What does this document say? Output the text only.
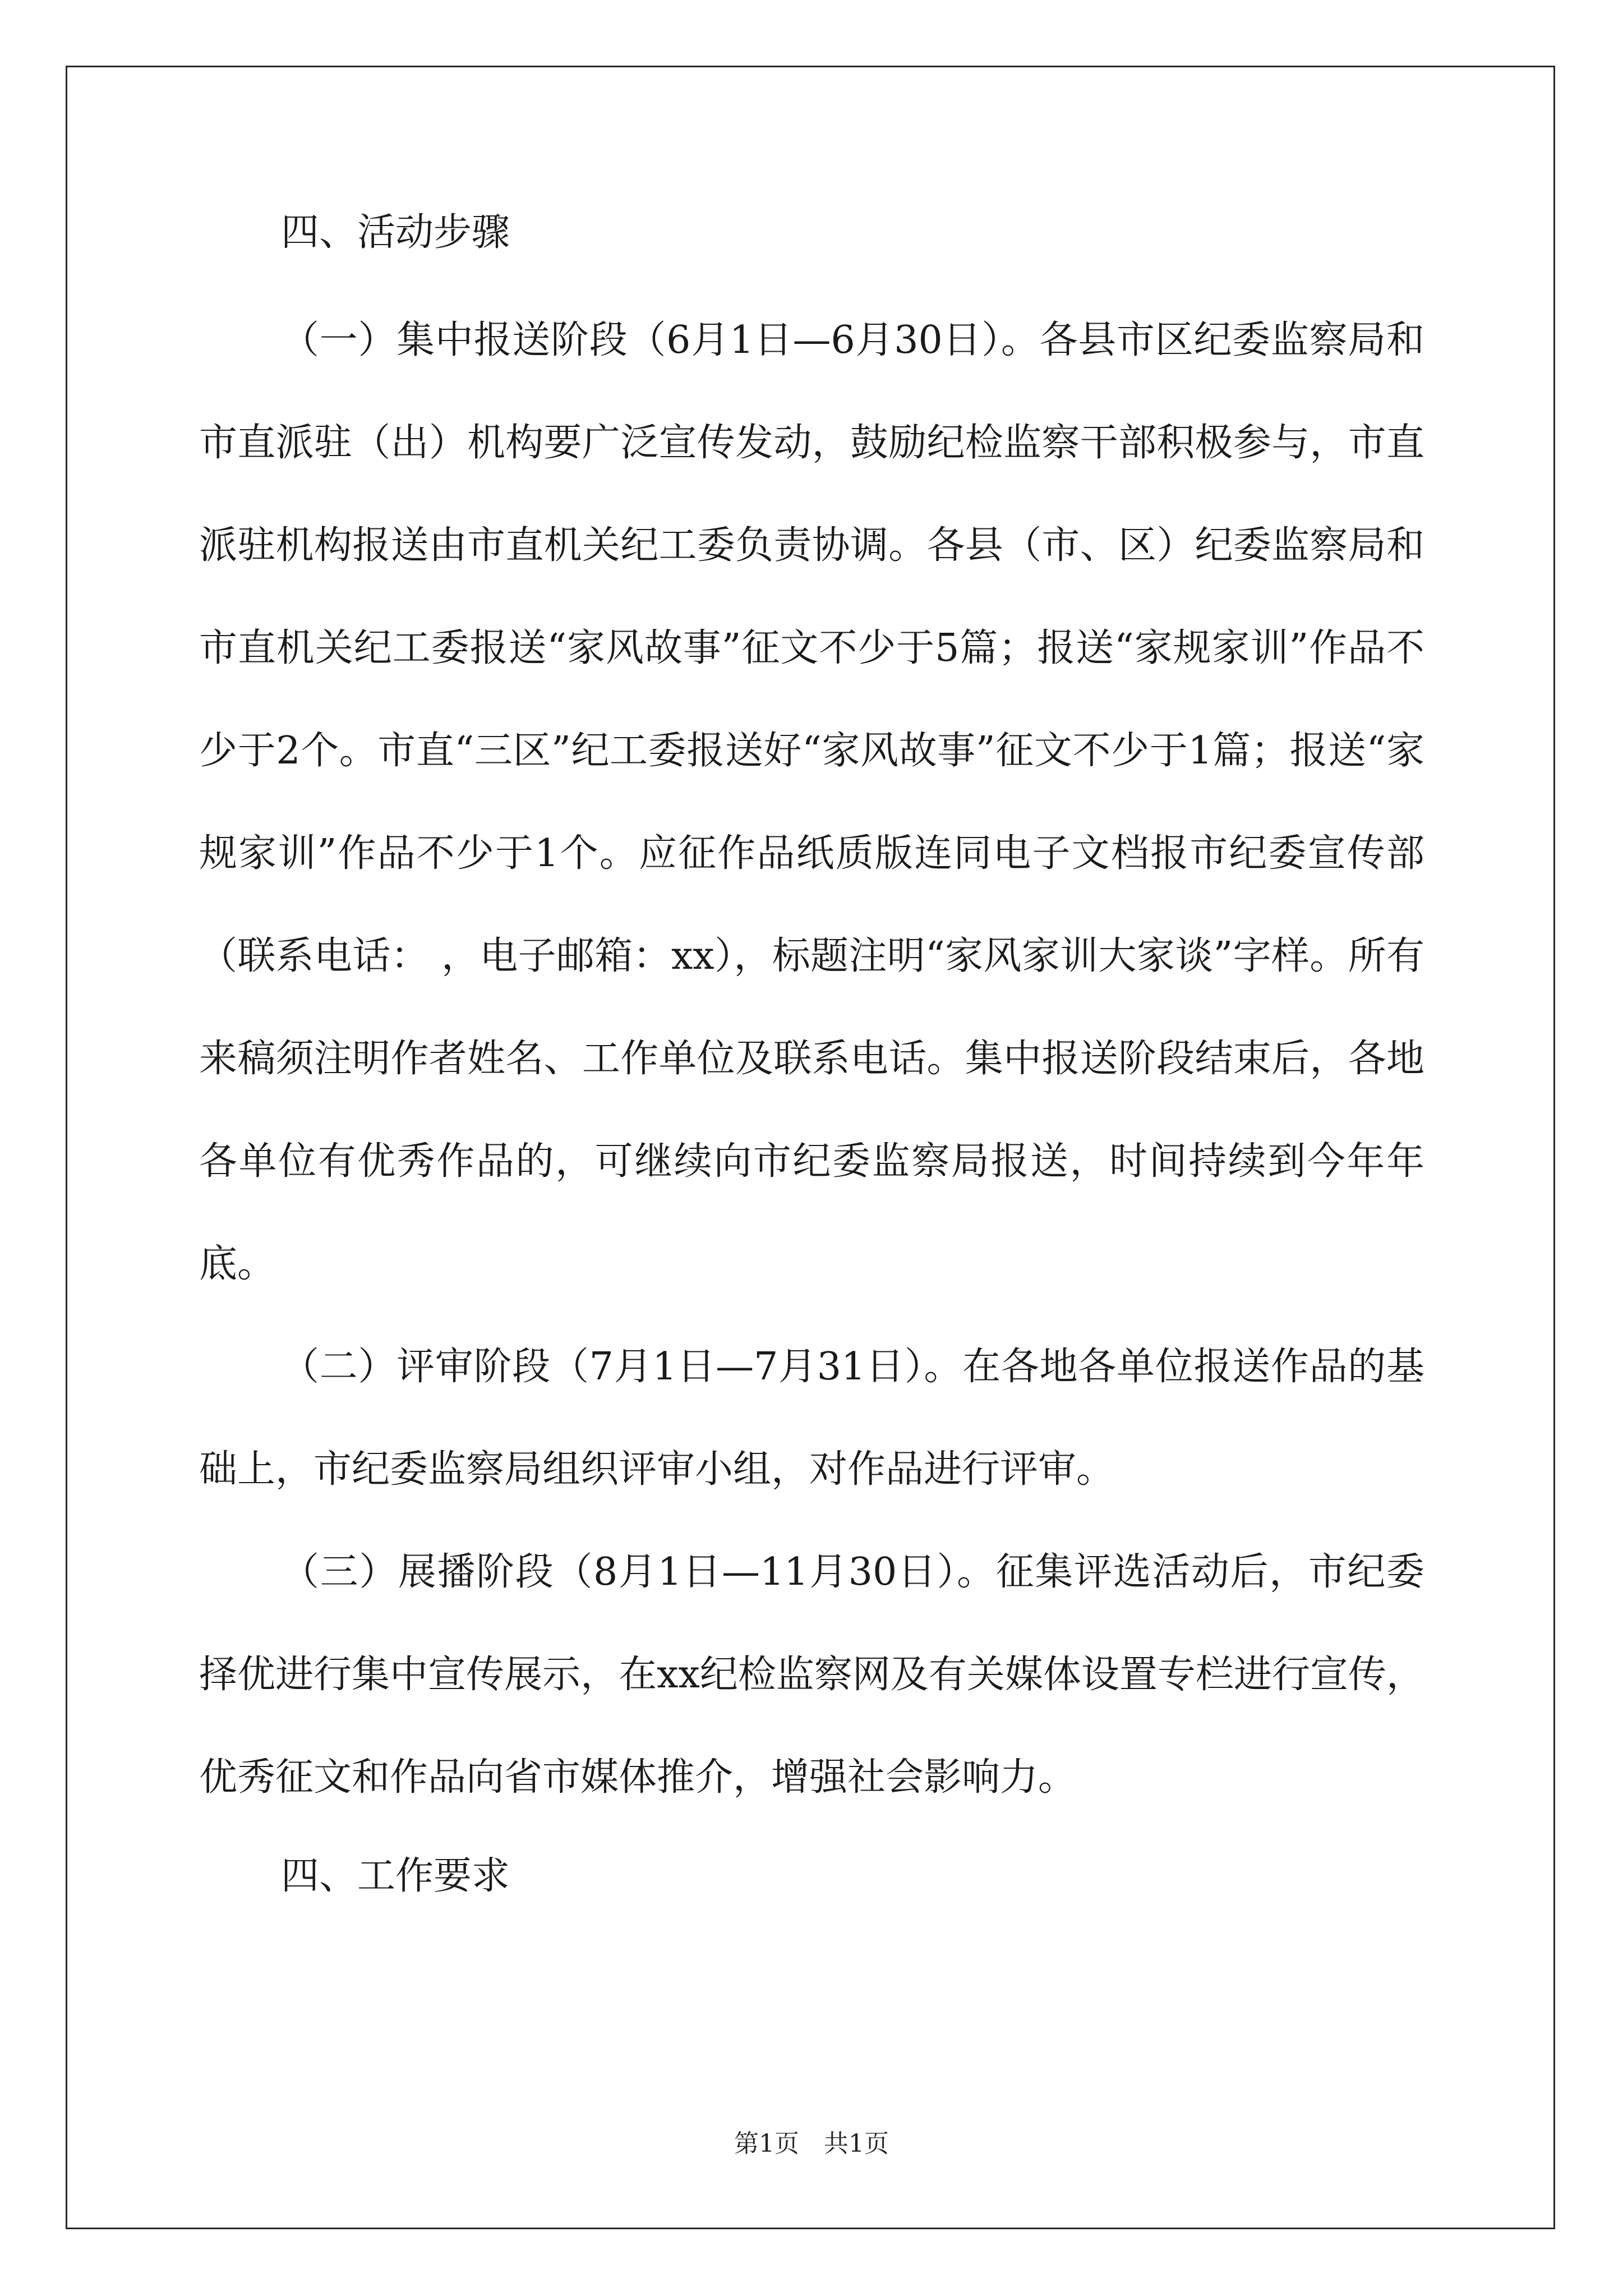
四、活动步骤

（一）集中报送阶段（6月1日—6月30日）。各县市区纪委监察局和市直派驻（出）机构要广泛宣传发动，鼓励纪检监察干部积极参与，市直派驻机构报送由市直机关纪工委负责协调。各县（市、区）纪委监察局和市直机关纪工委报送“家风故事”征文不少于5篇；报送“家规家训”作品不少于2个。市直“三区”纪工委报送好“家风故事”征文不少于1篇；报送“家规家训”作品不少于1个。应征作品纸质版连同电子文档报市纪委宣传部（联系电话： ，电子邮箱：xx），标题注明“家风家训大家谈”字样。所有来稿须注明作者姓名、工作单位及联系电话。集中报送阶段结束后，各地各单位有优秀作品的，可继续向市纪委监察局报送，时间持续到今年年底。

（二）评审阶段（7月1日—7月31日）。在各地各单位报送作品的基础上，市纪委监察局组织评审小组，对作品进行评审。

（三）展播阶段（8月1日—11月30日）。征集评选活动后，市纪委择优进行集中宣传展示，在xx纪检监察网及有关媒体设置专栏进行宣传，优秀征文和作品向省市媒体推介，增强社会影响力。

四、工作要求
第1页　共1页
